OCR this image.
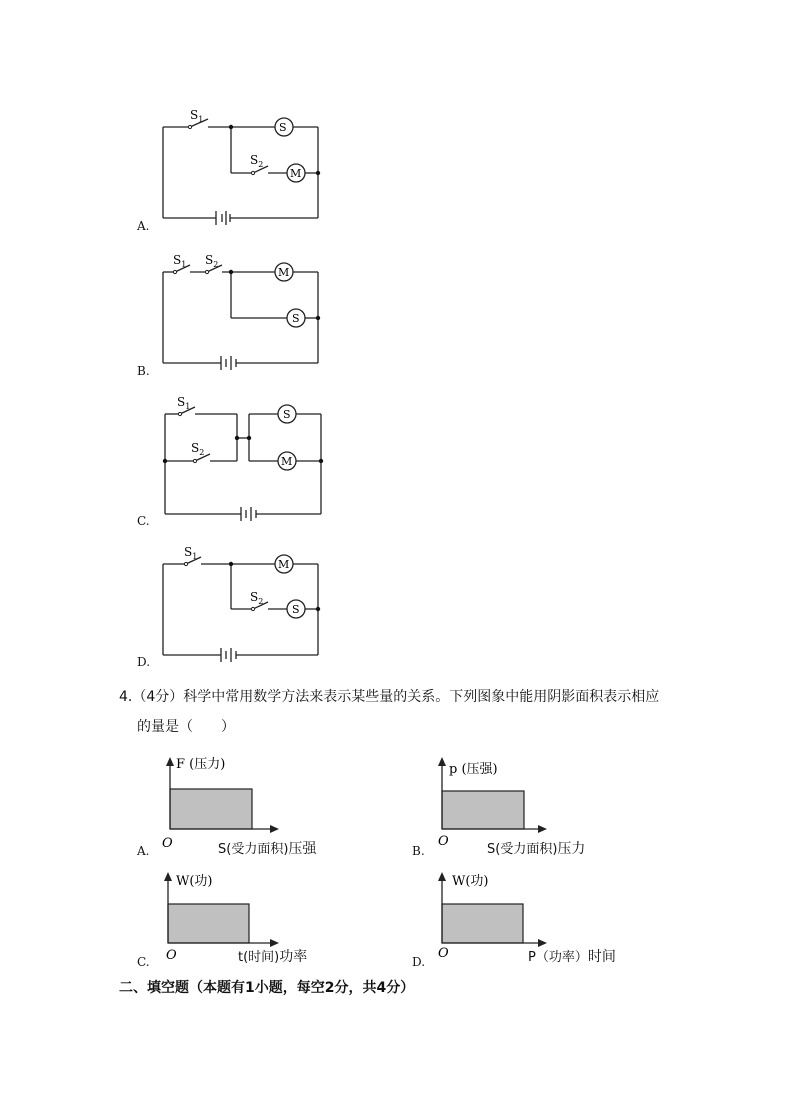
$S_1$
$S_2$
S
M
A.
$S_1$ $S_2$
M
S
B.
$S_1$
$S_2$
S
M
C.
$S_1$
$S_2$
M
S
D.
4.（4分）科学中常用数学方法来表示某些量的关系。下列图象中能用阴影面积表示相应
的量是（　　）
O
F (压力)
A.	S(受力面积)压强	O
p (压强)
B.	S(受力面积)压力
O
W(功)
C.	t(时间)功率	O
W(功)
D.	P（功率）时间
二、填空题（本题有1小题，每空2分，共4分）
